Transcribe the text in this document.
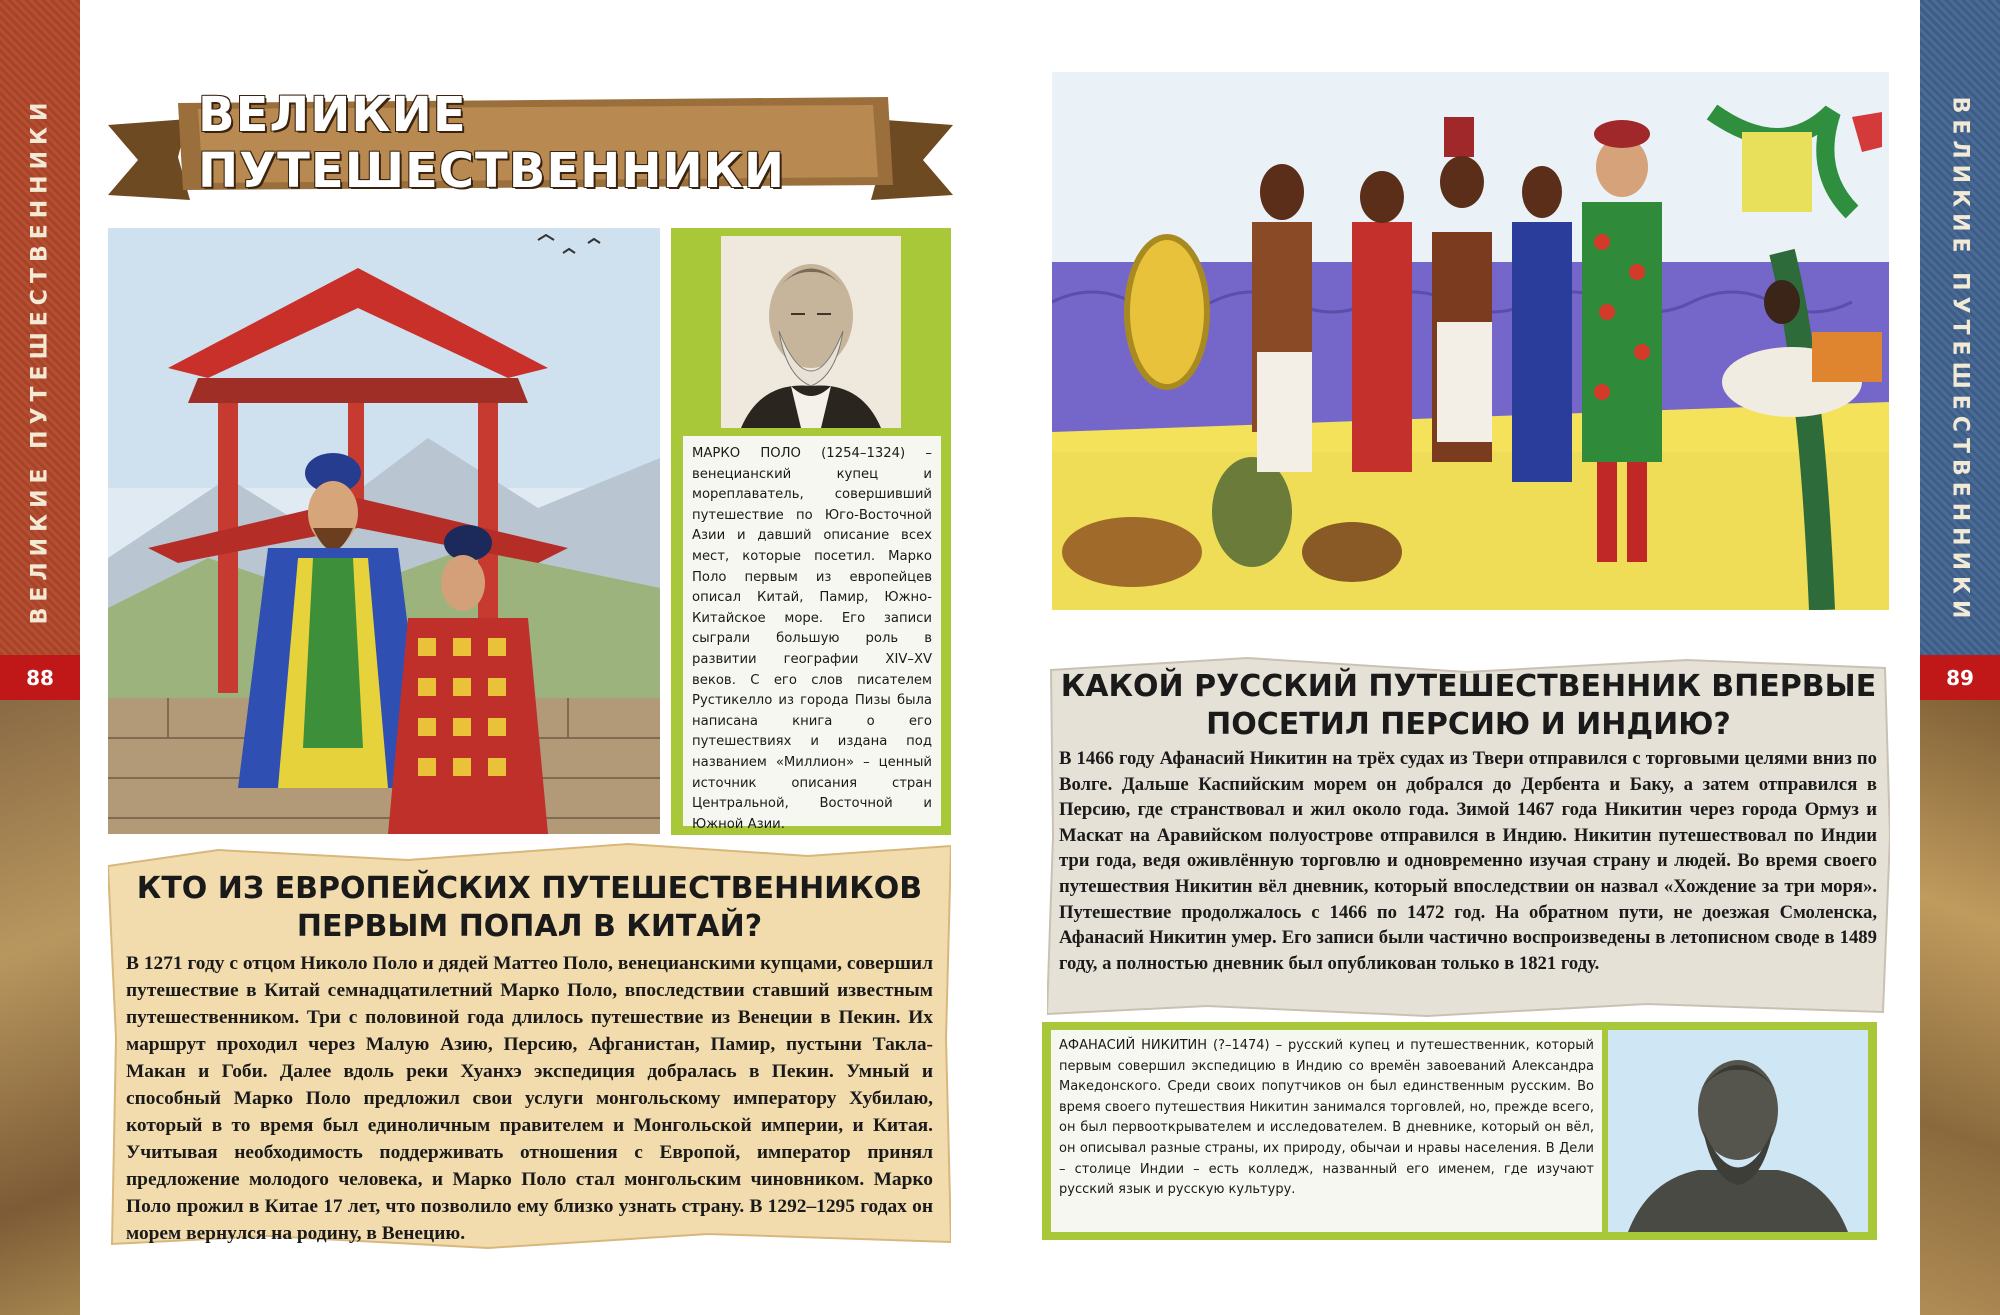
ВЕЛИКИЕ ПУТЕШЕСТВЕННИКИ
88
ВЕЛИКИЕ ПУТЕШЕСТВЕННИКИ
89
ВЕЛИКИЕ ПУТЕШЕСТВЕННИКИ

МАРКО ПОЛО (1254–1324) – венецианский купец и мореплаватель, совершивший путешествие по Юго-Восточной Азии и давший описание всех мест, которые посетил. Марко Поло первым из европейцев описал Китай, Памир, Южно-Китайское море. Его записи сыграли большую роль в развитии географии XIV–XV веков. С его слов писателем Рустикелло из города Пизы была написана книга о его путешествиях и издана под названием «Миллион» – ценный источник описания стран Центральной, Восточной и Южной Азии.

КТО ИЗ ЕВРОПЕЙСКИХ ПУТЕШЕСТВЕННИКОВ ПЕРВЫМ ПОПАЛ В КИТАЙ?

В 1271 году с отцом Николо Поло и дядей Маттео Поло, венецианскими купцами, совершил путешествие в Китай семнадцатилетний Марко Поло, впоследствии ставший известным путешественником. Три с половиной года длилось путешествие из Венеции в Пекин. Их маршрут проходил через Малую Азию, Персию, Афганистан, Памир, пустыни Такла-Макан и Гоби. Далее вдоль реки Хуанхэ экспедиция добралась в Пекин. Умный и способный Марко Поло предложил свои услуги монгольскому императору Хубилаю, который в то время был единоличным правителем и Монгольской империи, и Китая. Учитывая необходимость поддерживать отношения с Европой, император принял предложение молодого человека, и Марко Поло стал монгольским чиновником. Марко Поло прожил в Китае 17 лет, что позволило ему близко узнать страну. В 1292–1295 годах он морем вернулся на родину, в Венецию.

КАКОЙ РУССКИЙ ПУТЕШЕСТВЕННИК ВПЕРВЫЕ ПОСЕТИЛ ПЕРСИЮ И ИНДИЮ?

В 1466 году Афанасий Никитин на трёх судах из Твери отправился с торговыми целями вниз по Волге. Дальше Каспийским морем он добрался до Дербента и Баку, а затем отправился в Персию, где странствовал и жил около года. Зимой 1467 года Никитин через города Ормуз и Маскат на Аравийском полуострове отправился в Индию. Никитин путешествовал по Индии три года, ведя оживлённую торговлю и одновременно изучая страну и людей. Во время своего путешествия Никитин вёл дневник, который впоследствии он назвал «Хождение за три моря». Путешествие продолжалось с 1466 по 1472 год. На обратном пути, не доезжая Смоленска, Афанасий Никитин умер. Его записи были частично воспроизведены в летописном своде в 1489 году, а полностью дневник был опубликован только в 1821 году.

АФАНАСИЙ НИКИТИН (?–1474) – русский купец и путешественник, который первым совершил экспедицию в Индию со времён завоеваний Александра Македонского. Среди своих попутчиков он был единственным русским. Во время своего путешествия Никитин занимался торговлей, но, прежде всего, он был первооткрывателем и исследователем. В дневнике, который он вёл, он описывал разные страны, их природу, обычаи и нравы населения. В Дели – столице Индии – есть колледж, названный его именем, где изучают русский язык и русскую культуру.
